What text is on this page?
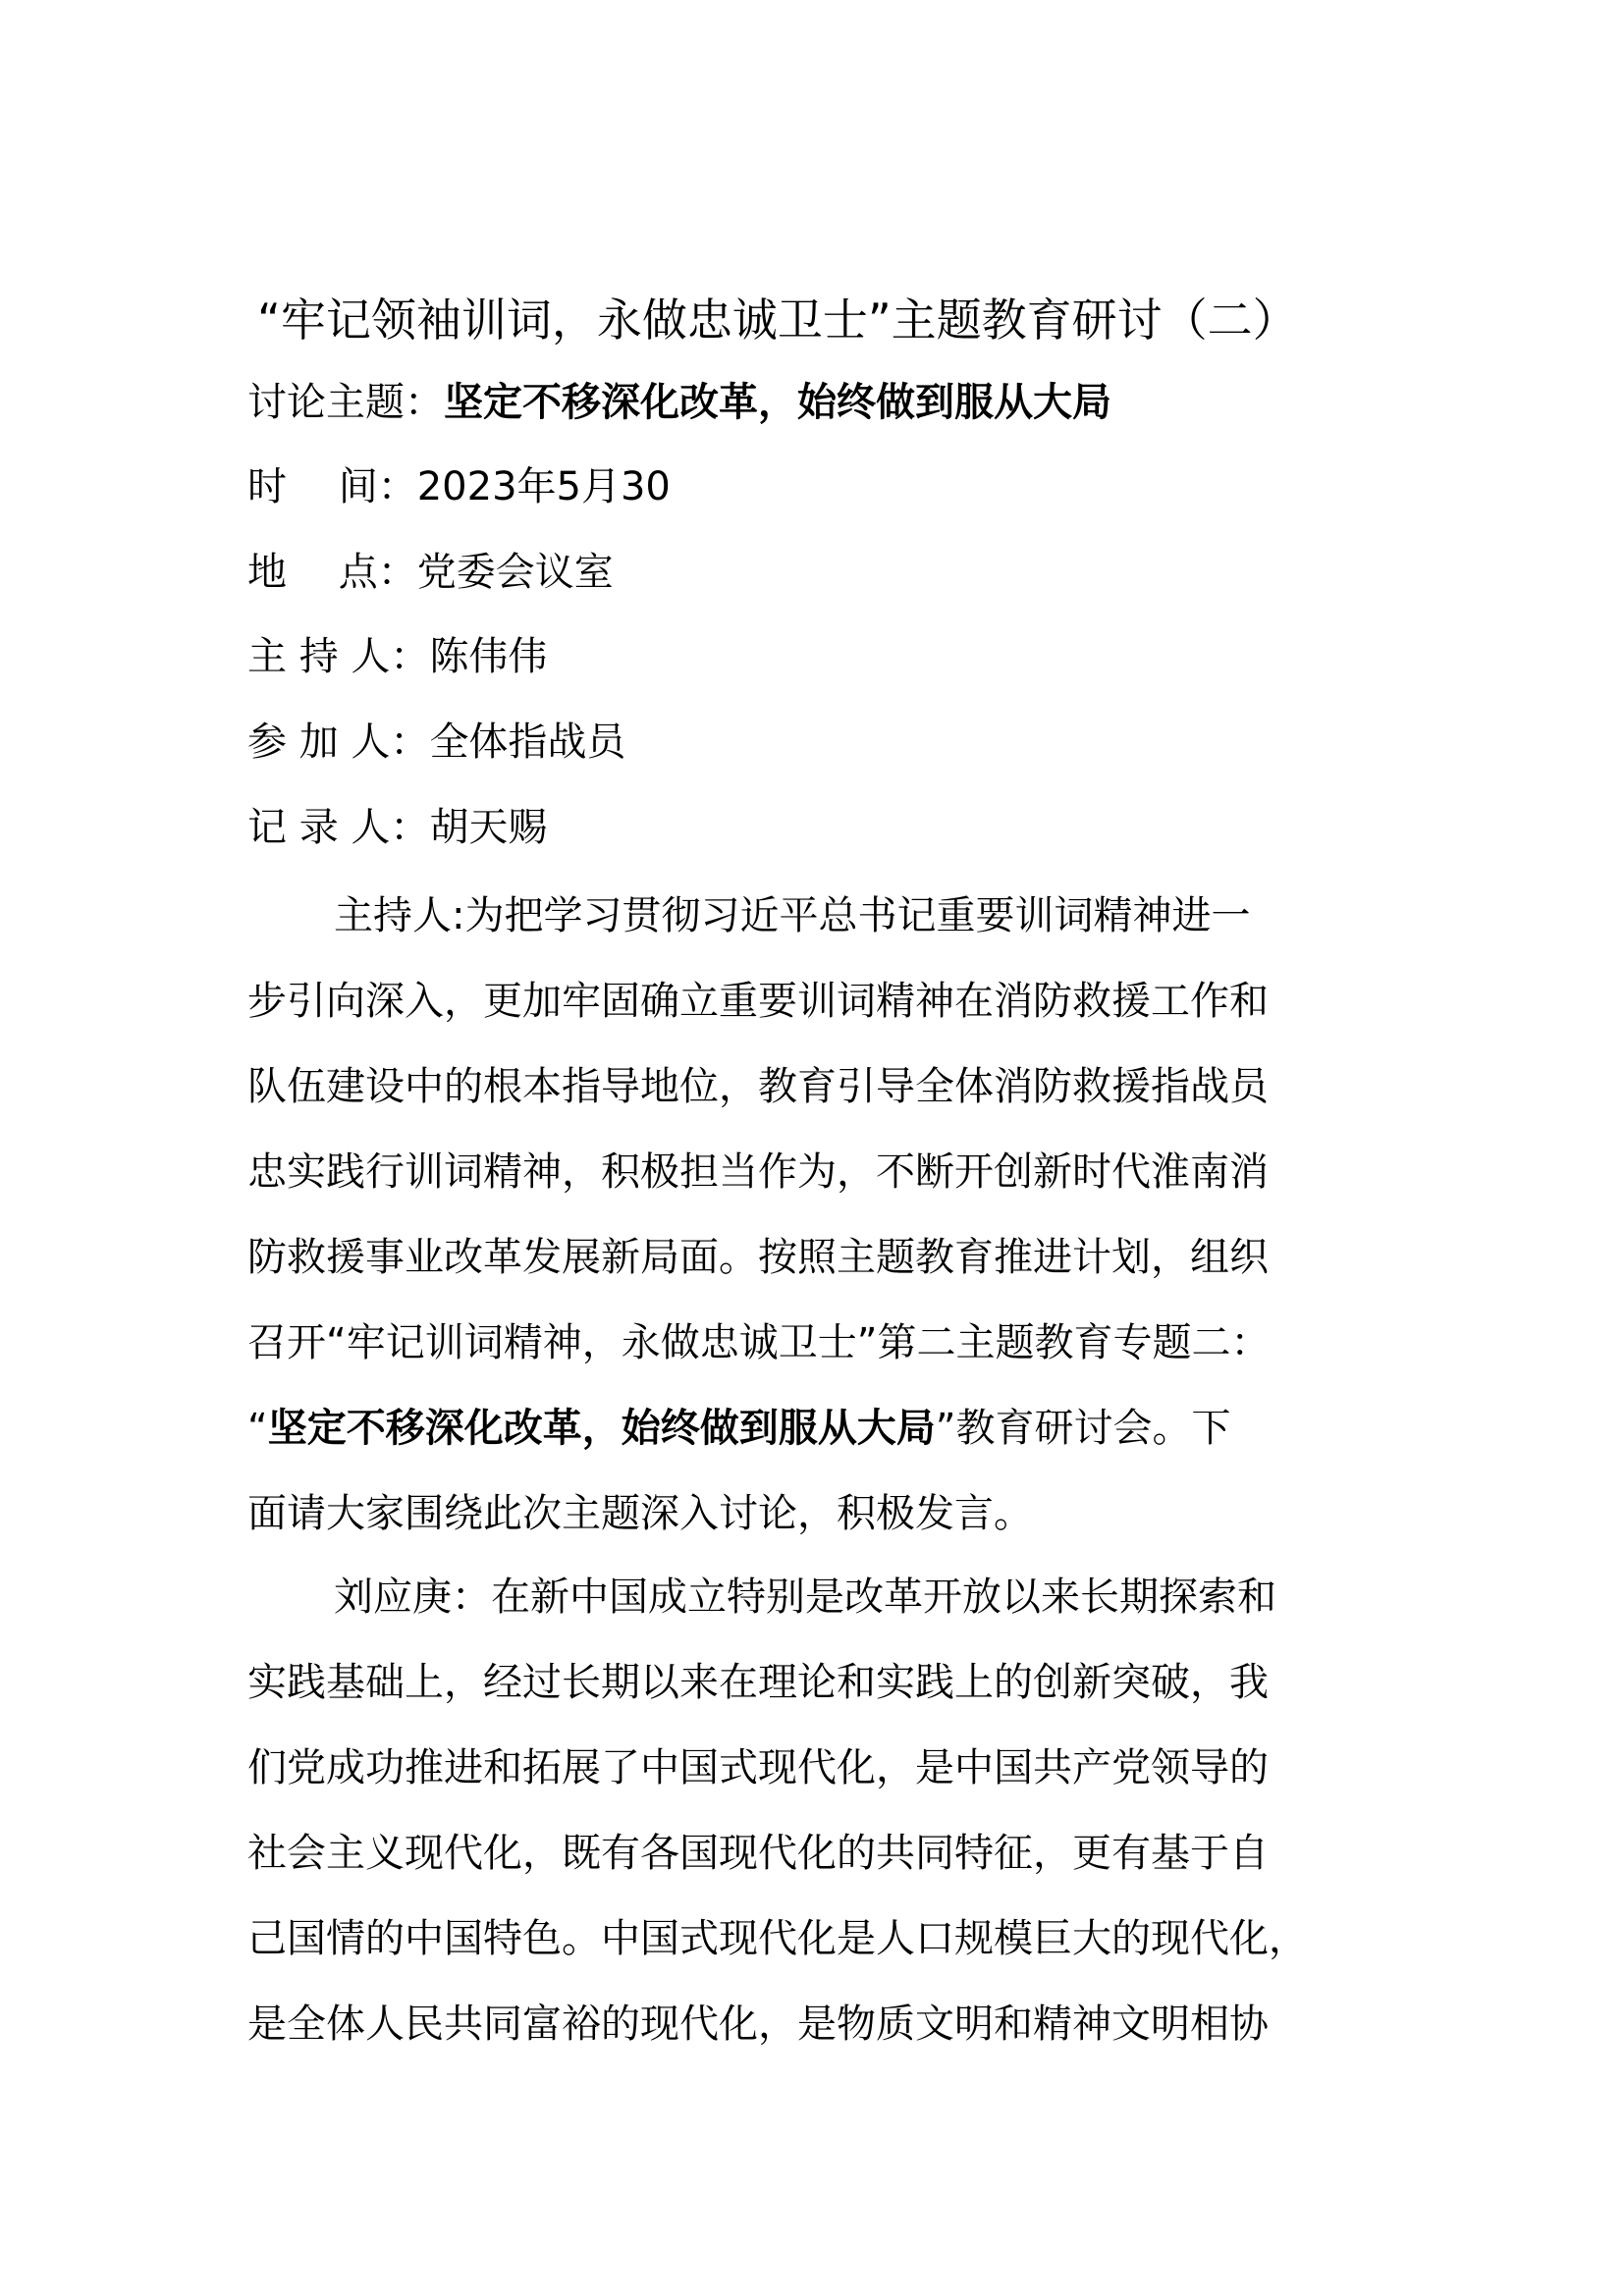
“牢记领袖训词，永做忠诚卫士”主题教育研讨（二）
讨论主题：坚定不移深化改革，始终做到服从大局
时　 间：2023年5月30
地　 点：党委会议室
主 持 人：陈伟伟
参 加 人：全体指战员
记 录 人：胡天赐
主持人:为把学习贯彻习近平总书记重要训词精神进一
步引向深入，更加牢固确立重要训词精神在消防救援工作和
队伍建设中的根本指导地位，教育引导全体消防救援指战员
忠实践行训词精神，积极担当作为，不断开创新时代淮南消
防救援事业改革发展新局面。按照主题教育推进计划，组织
召开“牢记训词精神，永做忠诚卫士”第二主题教育专题二：
“坚定不移深化改革，始终做到服从大局”教育研讨会。下
面请大家围绕此次主题深入讨论，积极发言。
刘应庚：在新中国成立特别是改革开放以来长期探索和
实践基础上，经过长期以来在理论和实践上的创新突破，我
们党成功推进和拓展了中国式现代化，是中国共产党领导的
社会主义现代化，既有各国现代化的共同特征，更有基于自
己国情的中国特色。中国式现代化是人口规模巨大的现代化，
是全体人民共同富裕的现代化，是物质文明和精神文明相协
